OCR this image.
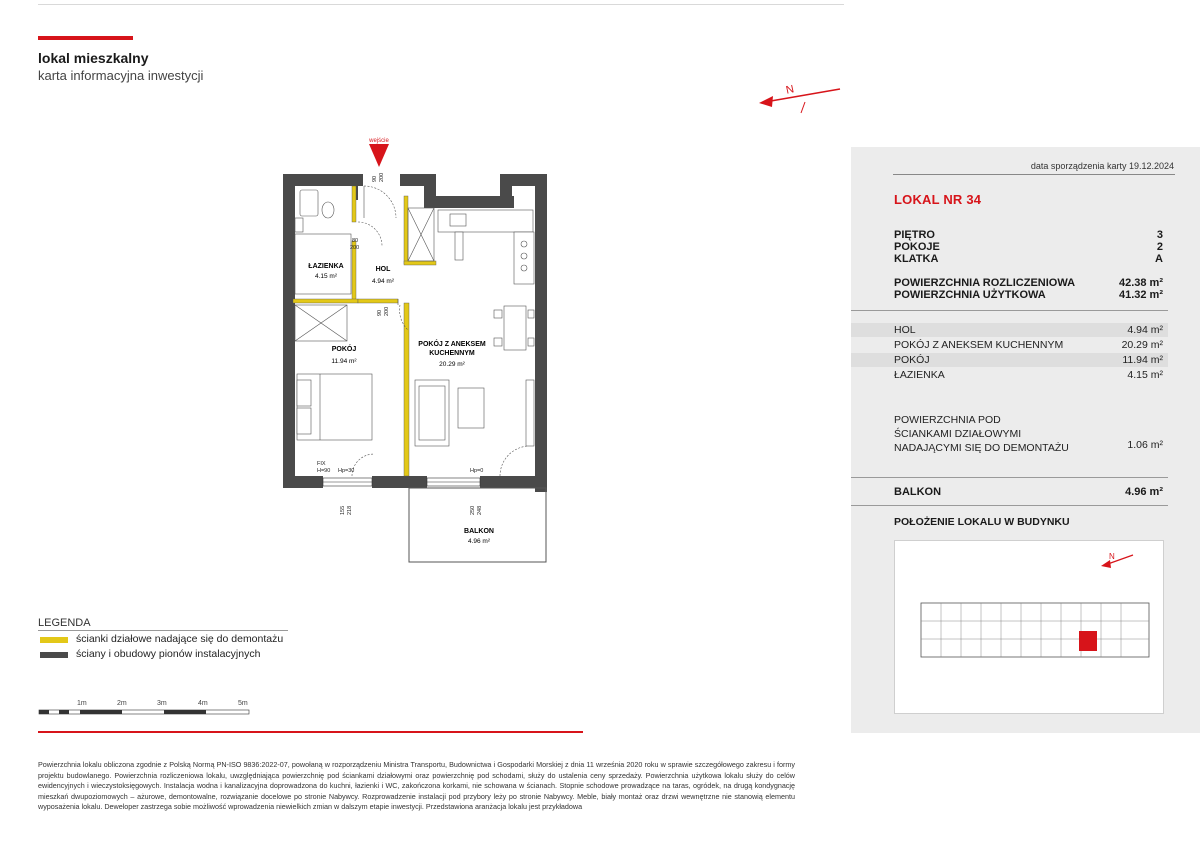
lokal mieszkalny
karta informacyjna inwestycji
N
wejście
ŁAZIENKA
4.15 m²
HOL
4.94 m²
POKÓJ
11.94 m²
POKÓJ Z ANEKSEM
KUCHENNYM
20.29 m²
BALKON
4.96 m²
90 200
80
200
90 200
FIX
H=90 Hp=30	Hp=0
155 218	250 248
data sporządzenia karty 19.12.2024
LOKAL NR 34
PIĘTRO	3
POKOJE	2
KLATKA	A
POWIERZCHNIA ROZLICZENIOWA	42.38 m²
POWIERZCHNIA UŻYTKOWA	41.32 m²
HOL	4.94 m²
POKÓJ Z ANEKSEM KUCHENNYM	20.29 m²
POKÓJ	11.94 m²
ŁAZIENKA	4.15 m²
POWIERZCHNIA POD
ŚCIANKAMI DZIAŁOWYMI
NADAJĄCYMI SIĘ DO DEMONTAŻU	1.06 m²
BALKON	4.96 m²
POŁOŻENIE LOKALU W BUDYNKU
N
LEGENDA
ścianki działowe nadające się do demontażu
ściany i obudowy pionów instalacyjnych
1m	2m	3m	4m	5m
Powierzchnia lokalu obliczona zgodnie z Polską Normą PN-ISO 9836:2022-07, powołaną w rozporządzeniu Ministra Transportu, Budownictwa i Gospodarki Morskiej z dnia 11 września 2020 roku w sprawie szczegółowego zakresu i formy projektu budowlanego. Powierzchnia rozliczeniowa lokalu, uwzględniająca powierzchnię pod ściankami działowymi oraz powierzchnię pod schodami, służy do ustalenia ceny sprzedaży. Powierzchnia użytkowa lokalu służy do celów ewidencyjnych i wieczystoksięgowych. Instalacja wodna i kanalizacyjna doprowadzona do kuchni, łazienki i WC, zakończona korkami, nie schowana w ścianach. Stopnie schodowe prowadzące na taras, ogródek, na drugą kondygnację mieszkań dwupoziomowych – ażurowe, demontowalne, rozwiązanie docelowe po stronie Nabywcy. Rozprowadzenie instalacji pod przybory leży po stronie Nabywcy. Meble, biały montaż oraz drzwi wewnętrzne nie stanowią elementu wyposażenia lokalu. Deweloper zastrzega sobie możliwość wprowadzenia niewielkich zmian w dalszym etapie inwestycji. Przedstawiona aranżacja lokalu jest przykładowa
